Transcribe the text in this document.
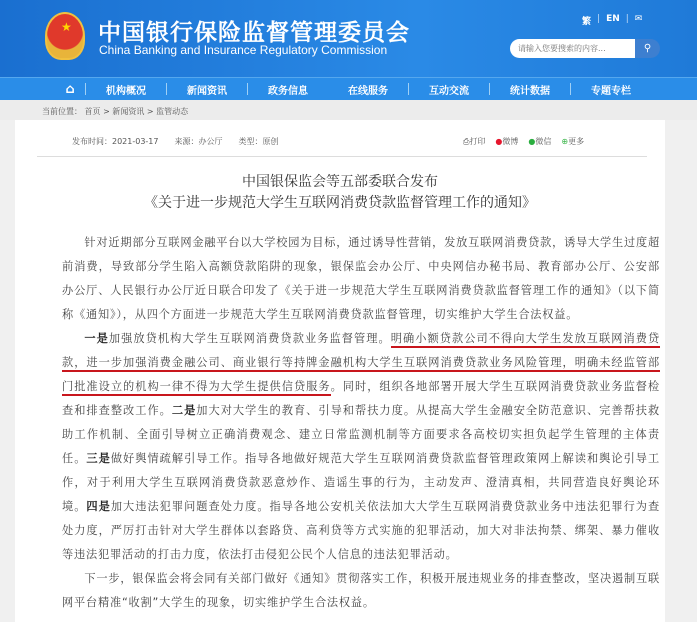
★ 中国银行保险监督管理委员会
China Banking and Insurance Regulatory Commission
繁 | EN | ✉
请输入您要搜索的内容...
⚲
⌂	机构概况	新闻资讯	政务信息	在线服务	互动交流	统计数据	专题专栏
当前位置： 首页 > 新闻资讯 > 监管动态
发布时间：2021-03-17 来源：办公厅 类型：原创	⎙打印 ●微博 ●微信 ⊕更多
中国银保监会等五部委联合发布
《关于进一步规范大学生互联网消费贷款监督管理工作的通知》

针对近期部分互联网金融平台以大学校园为目标，通过诱导性营销，发放互联网消费贷款，诱导大学生过度超前消费，导致部分学生陷入高额贷款陷阱的现象，银保监会办公厅、中央网信办秘书局、教育部办公厅、公安部办公厅、人民银行办公厅近日联合印发了《关于进一步规范大学生互联网消费贷款监督管理工作的通知》（以下简称《通知》），从四个方面进一步规范大学生互联网消费贷款监督管理，切实维护大学生合法权益。

一是加强放贷机构大学生互联网消费贷款业务监督管理。明确小额贷款公司不得向大学生发放互联网消费贷款，进一步加强消费金融公司、商业银行等持牌金融机构大学生互联网消费贷款业务风险管理，明确未经监管部门批准设立的机构一律不得为大学生提供信贷服务。同时，组织各地部署开展大学生互联网消费贷款业务监督检查和排查整改工作。二是加大对大学生的教育、引导和帮扶力度。从提高大学生金融安全防范意识、完善帮扶救助工作机制、全面引导树立正确消费观念、建立日常监测机制等方面要求各高校切实担负起学生管理的主体责任。三是做好舆情疏解引导工作。指导各地做好规范大学生互联网消费贷款监督管理政策网上解读和舆论引导工作，对于利用大学生互联网消费贷款恶意炒作、造谣生事的行为，主动发声、澄清真相，共同营造良好舆论环境。四是加大违法犯罪问题查处力度。指导各地公安机关依法加大大学生互联网消费贷款业务中违法犯罪行为查处力度，严厉打击针对大学生群体以套路贷、高利贷等方式实施的犯罪活动，加大对非法拘禁、绑架、暴力催收等违法犯罪活动的打击力度，依法打击侵犯公民个人信息的违法犯罪活动。

下一步，银保监会将会同有关部门做好《通知》贯彻落实工作，积极开展违规业务的排查整改，坚决遏制互联网平台精准“收割”大学生的现象，切实维护学生合法权益。
